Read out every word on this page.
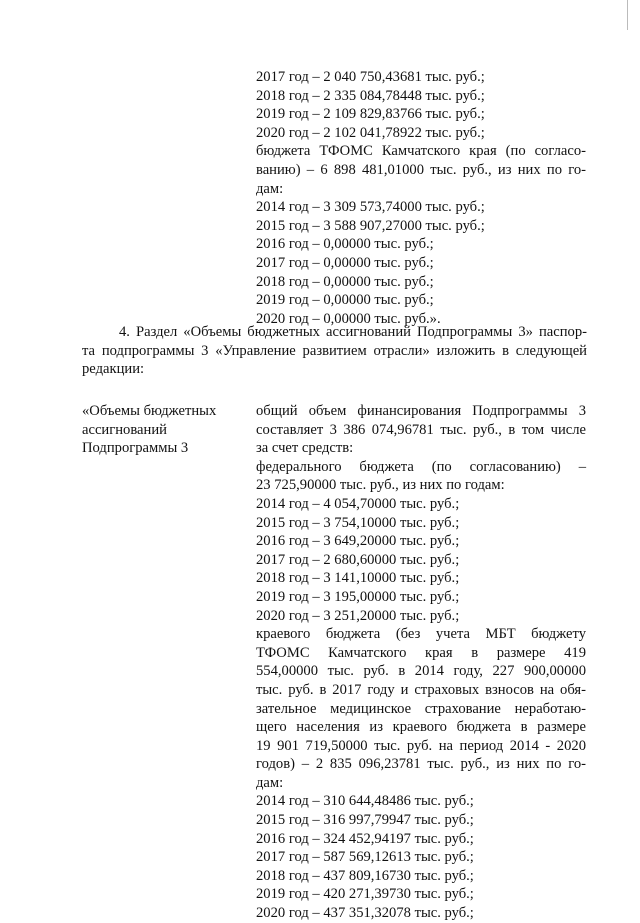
2017 год – 2 040 750,43681 тыс. руб.;
2018 год – 2 335 084,78448 тыс. руб.;
2019 год – 2 109 829,83766 тыс. руб.;
2020 год – 2 102 041,78922 тыс. руб.;
бюджета ТФОМС Камчатского края (по согласо-
ванию) – 6 898 481,01000 тыс. руб., из них по го-
дам:
2014 год – 3 309 573,74000 тыс. руб.;
2015 год – 3 588 907,27000 тыс. руб.;
2016 год – 0,00000 тыс. руб.;
2017 год – 0,00000 тыс. руб.;
2018 год – 0,00000 тыс. руб.;
2019 год – 0,00000 тыс. руб.;
2020 год – 0,00000 тыс. руб.».
4. Раздел «Объемы бюджетных ассигнований Подпрограммы 3» паспор-
та подпрограммы 3 «Управление развитием отрасли» изложить в следующей
редакции:
«Объемы бюджетных
ассигнований
Подпрограммы 3
общий объем финансирования Подпрограммы 3
составляет 3 386 074,96781 тыс. руб., в том числе
за счет средств:
федерального бюджета (по согласованию) –
23 725,90000 тыс. руб., из них по годам:
2014 год – 4 054,70000 тыс. руб.;
2015 год – 3 754,10000 тыс. руб.;
2016 год – 3 649,20000 тыс. руб.;
2017 год – 2 680,60000 тыс. руб.;
2018 год – 3 141,10000 тыс. руб.;
2019 год – 3 195,00000 тыс. руб.;
2020 год – 3 251,20000 тыс. руб.;
краевого бюджета (без учета МБТ бюджету
ТФОМС Камчатского края в размере 419
554,00000 тыс. руб. в 2014 году, 227 900,00000
тыс. руб. в 2017 году и страховых взносов на обя-
зательное медицинское страхование неработаю-
щего населения из краевого бюджета в размере
19 901 719,50000 тыс. руб. на период 2014 - 2020
годов) – 2 835 096,23781 тыс. руб., из них по го-
дам:
2014 год – 310 644,48486 тыс. руб.;
2015 год – 316 997,79947 тыс. руб.;
2016 год – 324 452,94197 тыс. руб.;
2017 год – 587 569,12613 тыс. руб.;
2018 год – 437 809,16730 тыс. руб.;
2019 год – 420 271,39730 тыс. руб.;
2020 год – 437 351,32078 тыс. руб.;
